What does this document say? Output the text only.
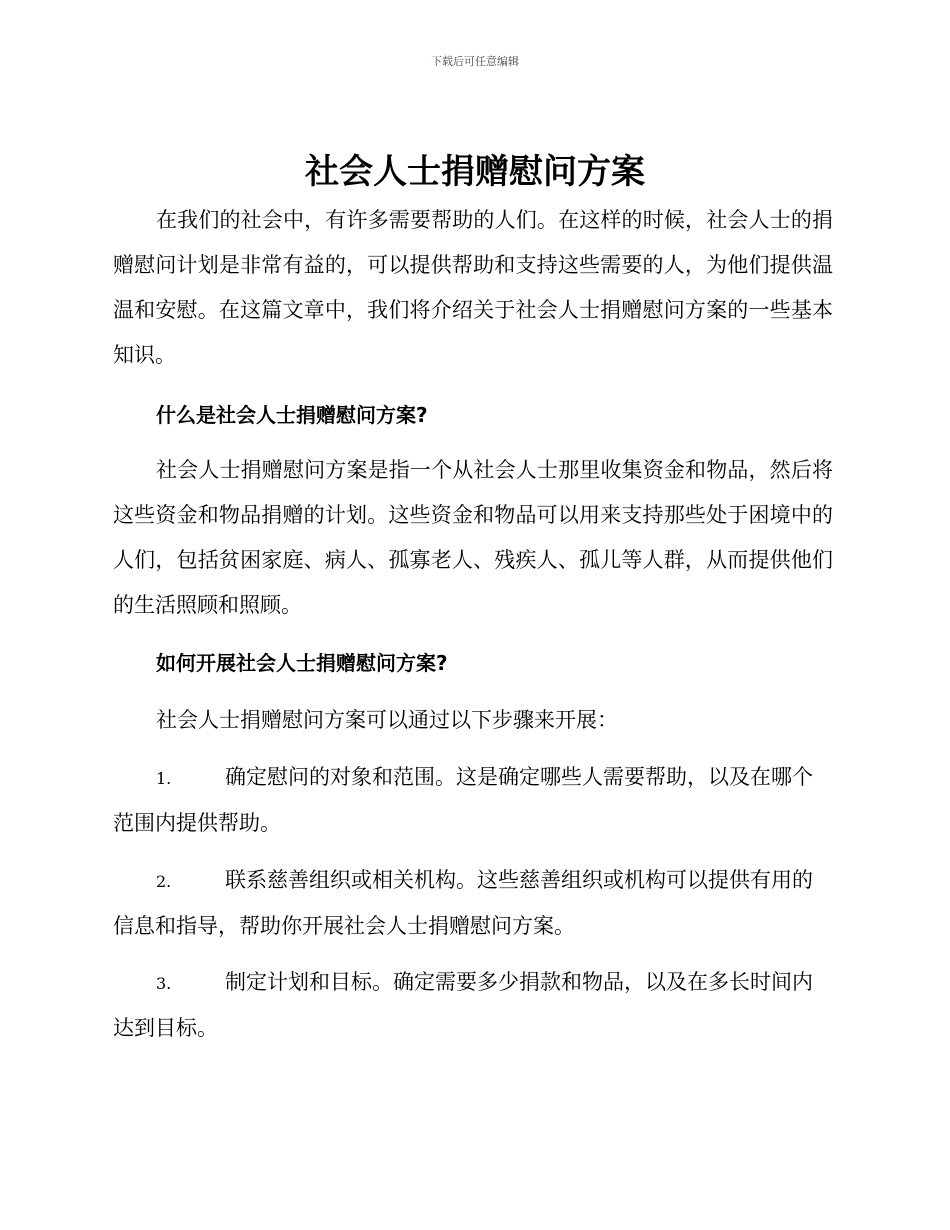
下载后可任意编辑
社会人士捐赠慰问方案

在我们的社会中，有许多需要帮助的人们。在这样的时候，社会人士的捐赠慰问计划是非常有益的，可以提供帮助和支持这些需要的人，为他们提供温温和安慰。在这篇文章中，我们将介绍关于社会人士捐赠慰问方案的一些基本知识。

什么是社会人士捐赠慰问方案?

社会人士捐赠慰问方案是指一个从社会人士那里收集资金和物品，然后将这些资金和物品捐赠的计划。这些资金和物品可以用来支持那些处于困境中的人们，包括贫困家庭、病人、孤寡老人、残疾人、孤儿等人群，从而提供他们的生活照顾和照顾。

如何开展社会人士捐赠慰问方案?

社会人士捐赠慰问方案可以通过以下步骤来开展：

1.	确定慰问的对象和范围。这是确定哪些人需要帮助，以及在哪个范围内提供帮助。

2.	联系慈善组织或相关机构。这些慈善组织或机构可以提供有用的信息和指导，帮助你开展社会人士捐赠慰问方案。

3.	制定计划和目标。确定需要多少捐款和物品，以及在多长时间内达到目标。
